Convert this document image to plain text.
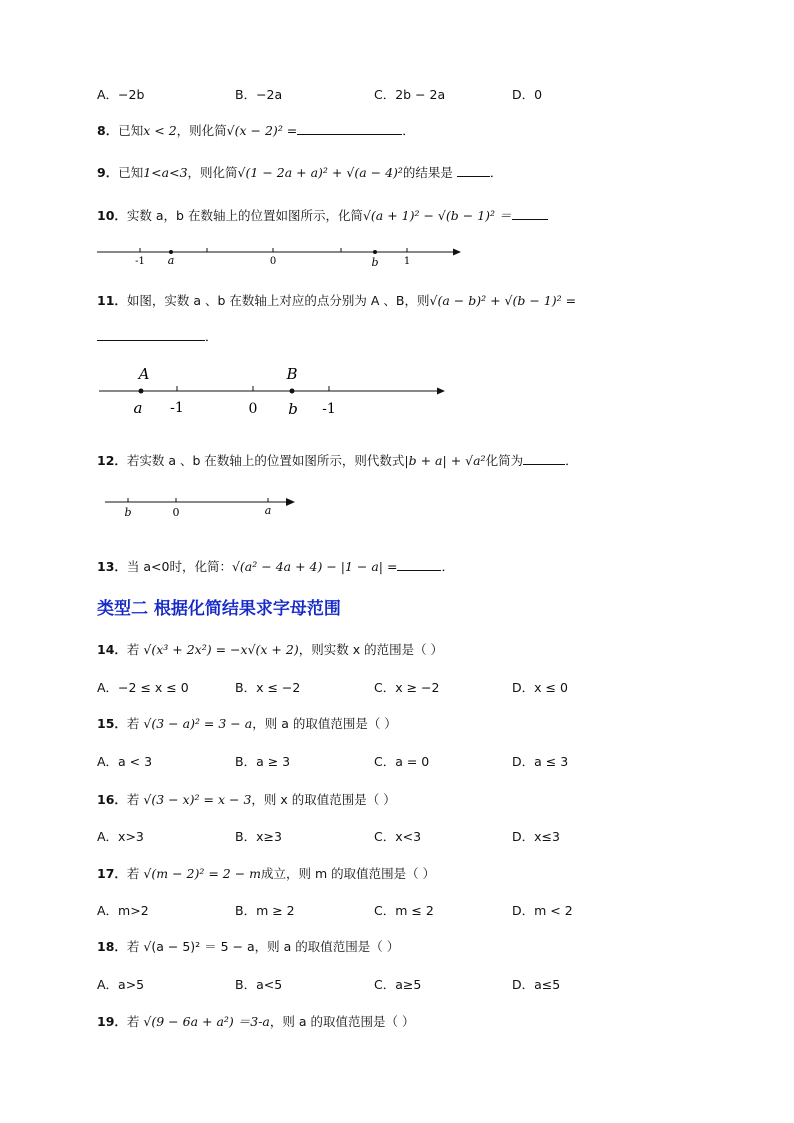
A．−2b	B．−2a	C．2b − 2a	D．0
8．已知x < 2，则化简√(x − 2)² =	．
9．已知1<a<3，则化简√(1 − 2a + a)² + √(a − 4)²的结果是	．
10．实数 a，b 在数轴上的位置如图所示，化简√(a + 1)² − √(b − 1)² ＝
-1 a	0	b	1
11．如图，实数 a 、b 在数轴上对应的点分别为 A 、B，则√(a − b)² + √(b − 1)² =
．
A	B
a -1	0 b -1
12．若实数 a 、b 在数轴上的位置如图所示，则代数式|b + a| + √a²化简为	．
b	0	a
13．当 a<0时，化简：√(a² − 4a + 4) − |1 − a| =	．
类型二 根据化简结果求字母范围
14．若 √(x³ + 2x²) = −x√(x + 2)，则实数 x 的范围是（ ）
A．−2 ≤ x ≤ 0	B．x ≤ −2	C．x ≥ −2	D．x ≤ 0
15．若 √(3 − a)² = 3 − a，则 a 的取值范围是（ ）
A．a < 3	B．a ≥ 3	C．a = 0	D．a ≤ 3
16．若 √(3 − x)² = x − 3，则 x 的取值范围是（ ）
A．x>3	B．x≥3	C．x<3	D．x≤3
17．若 √(m − 2)² = 2 − m成立，则 m 的取值范围是（ ）
A．m>2	B．m ≥ 2	C．m ≤ 2	D．m < 2
18．若 √(a − 5)² ＝ 5 − a，则 a 的取值范围是（ ）
A．a>5	B．a<5	C．a≥5	D．a≤5
19．若 √(9 − 6a + a²) ＝3-a，则 a 的取值范围是（ ）
